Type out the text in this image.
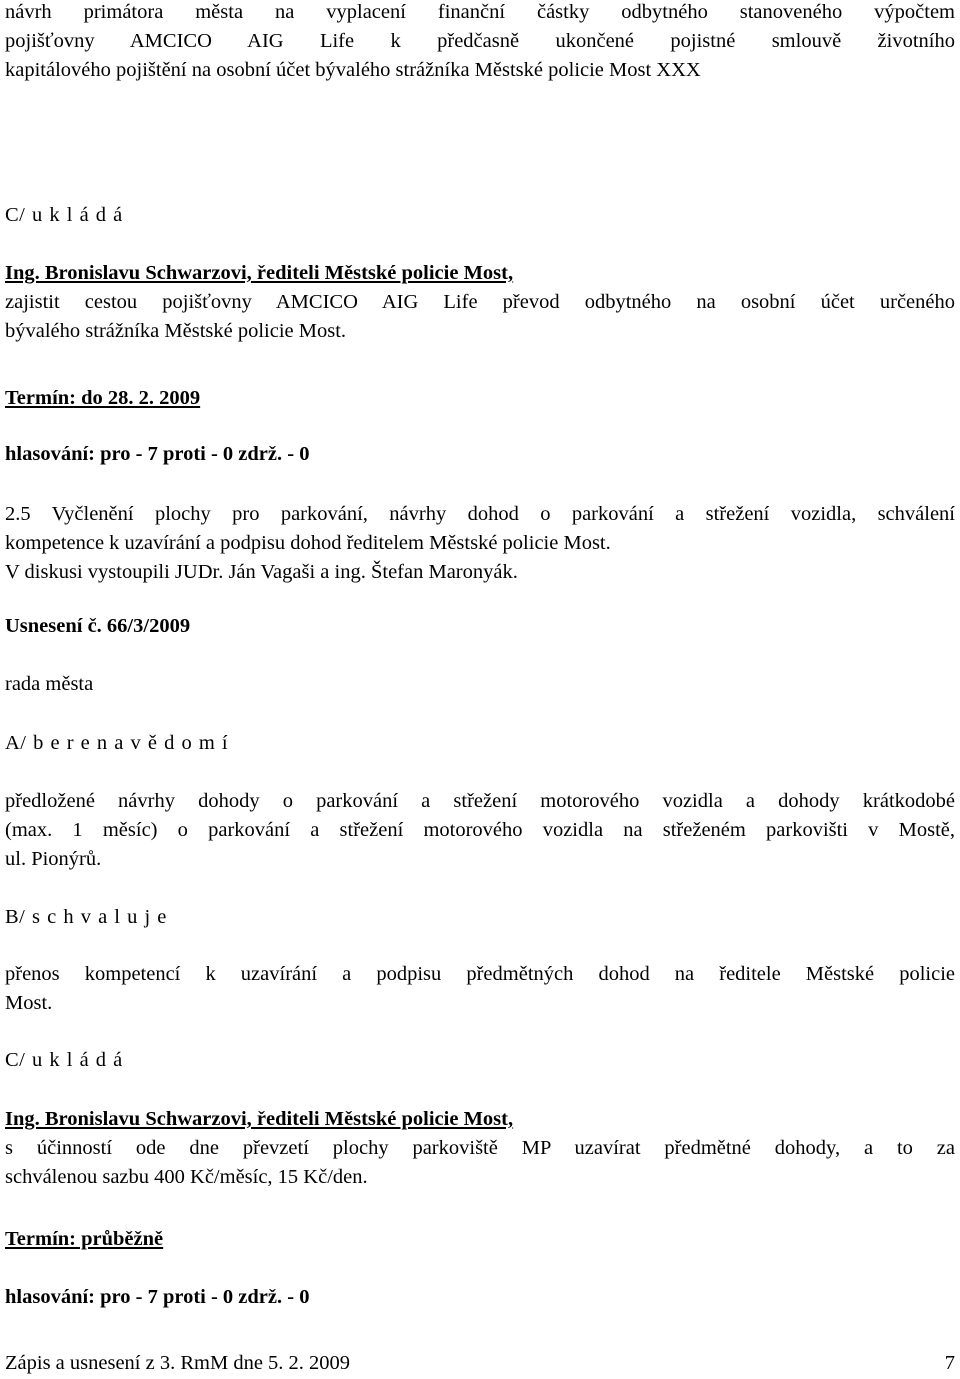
návrh primátora města na vyplacení finanční částky odbytného stanoveného výpočtem
pojišťovny AMCICO AIG Life k předčasně ukončené pojistné smlouvě životního
kapitálového pojištění na osobní účet bývalého strážníka Městské policie Most XXX
C/ u k l á d á
Ing. Bronislavu Schwarzovi, řediteli Městské policie Most,
zajistit cestou pojišťovny AMCICO AIG Life převod odbytného na osobní účet určeného
bývalého strážníka Městské policie Most.
Termín: do 28. 2. 2009
hlasování: pro - 7 proti - 0 zdrž. - 0
2.5 Vyčlenění plochy pro parkování, návrhy dohod o parkování a střežení vozidla, schválení
kompetence k uzavírání a podpisu dohod ředitelem Městské policie Most.
V diskusi vystoupili JUDr. Ján Vagaši a ing. Štefan Maronyák.
Usnesení č. 66/3/2009
rada města
A/ b e r e n a v ě d o m í
předložené návrhy dohody o parkování a střežení motorového vozidla a dohody krátkodobé
(max. 1 měsíc) o parkování a střežení motorového vozidla na střeženém parkovišti v Mostě,
ul. Pionýrů.
B/ s c h v a l u j e
přenos kompetencí k uzavírání a podpisu předmětných dohod na ředitele Městské policie
Most.
C/ u k l á d á
Ing. Bronislavu Schwarzovi, řediteli Městské policie Most,
s účinností ode dne převzetí plochy parkoviště MP uzavírat předmětné dohody, a to za
schválenou sazbu 400 Kč/měsíc, 15 Kč/den.
Termín: průběžně
hlasování: pro - 7 proti - 0 zdrž. - 0
Zápis a usnesení z 3. RmM dne 5. 2. 2009	7
